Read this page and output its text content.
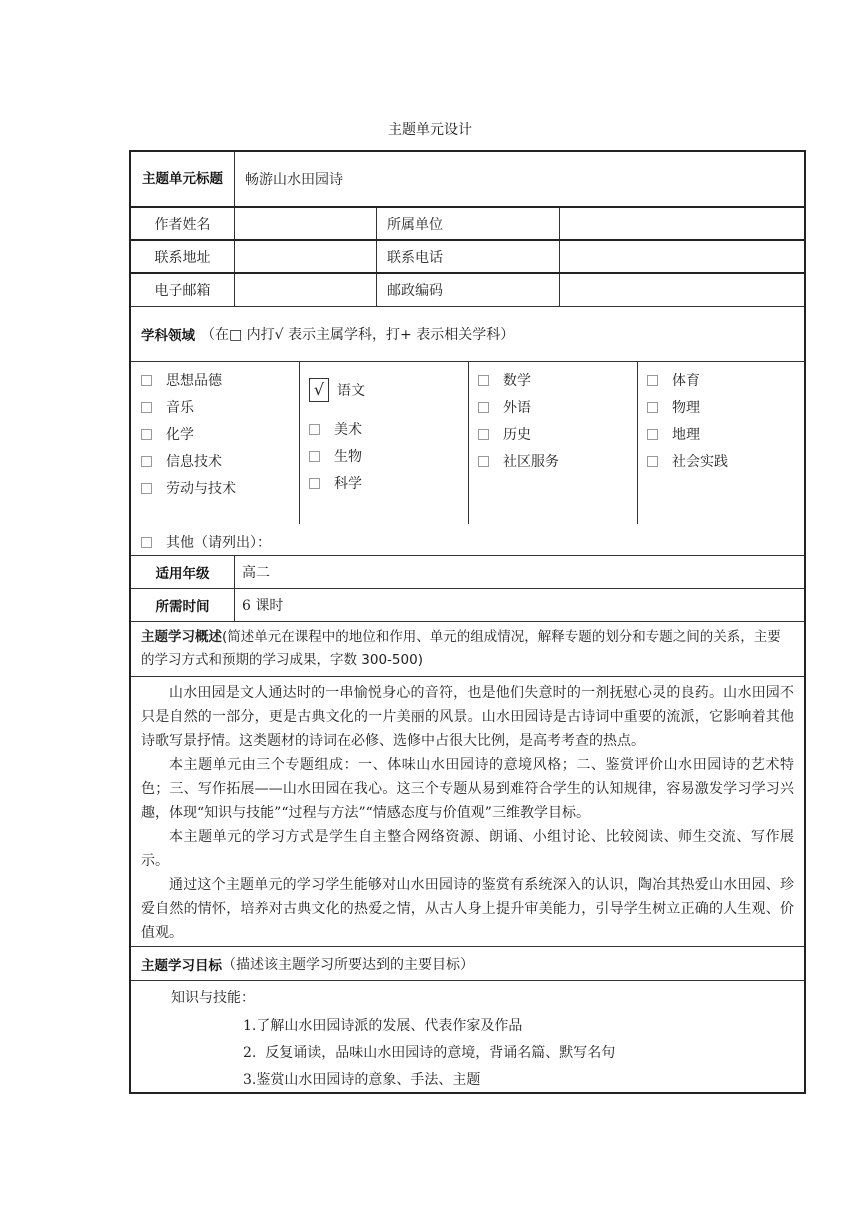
主题单元设计
主题单元标题	畅游山水田园诗
作者姓名	所属单位
联系地址	联系电话
电子邮箱	邮政编码
学科领域 （在□ 内打√ 表示主属学科，打+ 表示相关学科）
思想品德
音乐
化学
信息技术
劳动与技术
√ 语文
美术
生物
科学
数学
外语
历史
社区服务
体育
物理
地理
社会实践
其他（请列出）：
适用年级	高二
所需时间	6 课时
主题学习概述(简述单元在课程中的地位和作用、单元的组成情况，解释专题的划分和专题之间的关系，主要的学习方式和预期的学习成果，字数 300-500)
山水田园是文人通达时的一串愉悦身心的音符，也是他们失意时的一剂抚慰心灵的良药。山水田园不只是自然的一部分，更是古典文化的一片美丽的风景。山水田园诗是古诗词中重要的流派，它影响着其他诗歌写景抒情。这类题材的诗词在必修、选修中占很大比例，是高考考查的热点。
本主题单元由三个专题组成：一、体味山水田园诗的意境风格；二、鉴赏评价山水田园诗的艺术特色；三、写作拓展——山水田园在我心。这三个专题从易到难符合学生的认知规律，容易激发学习学习兴趣，体现“知识与技能”“过程与方法”“情感态度与价值观”三维教学目标。
本主题单元的学习方式是学生自主整合网络资源、朗诵、小组讨论、比较阅读、师生交流、写作展示。
通过这个主题单元的学习学生能够对山水田园诗的鉴赏有系统深入的认识，陶冶其热爱山水田园、珍爱自然的情怀，培养对古典文化的热爱之情，从古人身上提升审美能力，引导学生树立正确的人生观、价值观。
主题学习目标 （描述该主题学习所要达到的主要目标）
知识与技能：
1.了解山水田园诗派的发展、代表作家及作品
2.  反复诵读，品味山水田园诗的意境，背诵名篇、默写名句
3.鉴赏山水田园诗的意象、手法、主题
